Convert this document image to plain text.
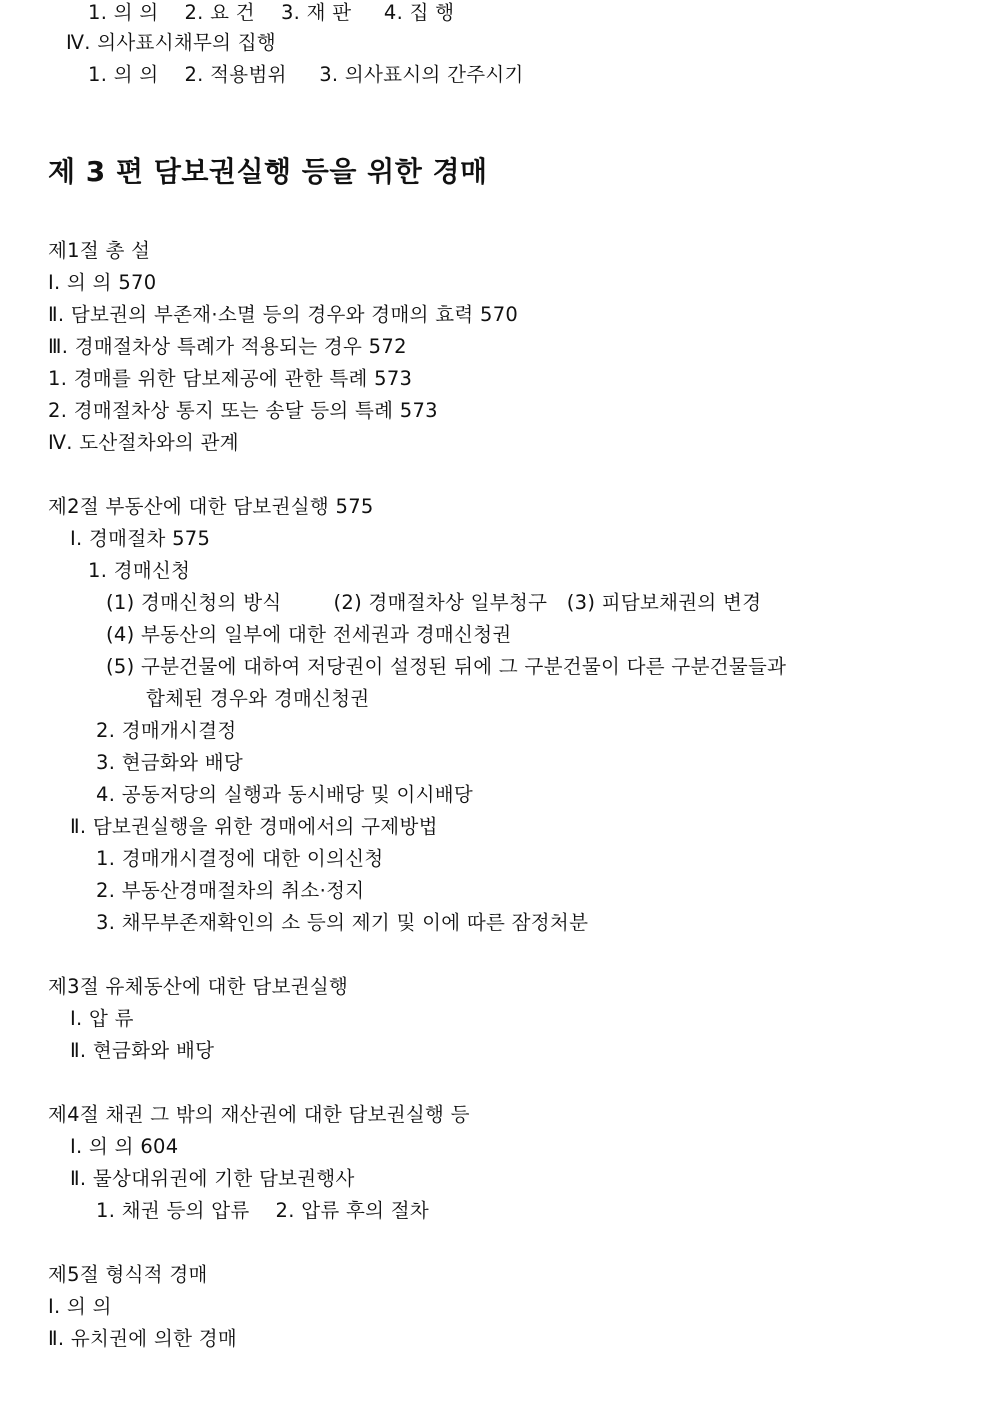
1. 의 의    2. 요 건    3. 재 판     4. 집 행
Ⅳ. 의사표시채무의 집행
1. 의 의    2. 적용범위     3. 의사표시의 간주시기
제 3 편 담보권실행 등을 위한 경매
제1절 총 설
Ⅰ. 의 의 570
Ⅱ. 담보권의 부존재·소멸 등의 경우와 경매의 효력 570
Ⅲ. 경매절차상 특례가 적용되는 경우 572
1. 경매를 위한 담보제공에 관한 특례 573
2. 경매절차상 통지 또는 송달 등의 특례 573
Ⅳ. 도산절차와의 관계
제2절 부동산에 대한 담보권실행 575
Ⅰ. 경매절차 575
1. 경매신청
(1) 경매신청의 방식        (2) 경매절차상 일부청구   (3) 피담보채권의 변경
(4) 부동산의 일부에 대한 전세권과 경매신청권
(5) 구분건물에 대하여 저당권이 설정된 뒤에 그 구분건물이 다른 구분건물들과
합체된 경우와 경매신청권
2. 경매개시결정
3. 현금화와 배당
4. 공동저당의 실행과 동시배당 및 이시배당
Ⅱ. 담보권실행을 위한 경매에서의 구제방법
1. 경매개시결정에 대한 이의신청
2. 부동산경매절차의 취소·정지
3. 채무부존재확인의 소 등의 제기 및 이에 따른 잠정처분
제3절 유체동산에 대한 담보권실행
Ⅰ. 압 류
Ⅱ. 현금화와 배당
제4절 채권 그 밖의 재산권에 대한 담보권실행 등
Ⅰ. 의 의 604
Ⅱ. 물상대위권에 기한 담보권행사
1. 채권 등의 압류    2. 압류 후의 절차
제5절 형식적 경매
Ⅰ. 의 의
Ⅱ. 유치권에 의한 경매
